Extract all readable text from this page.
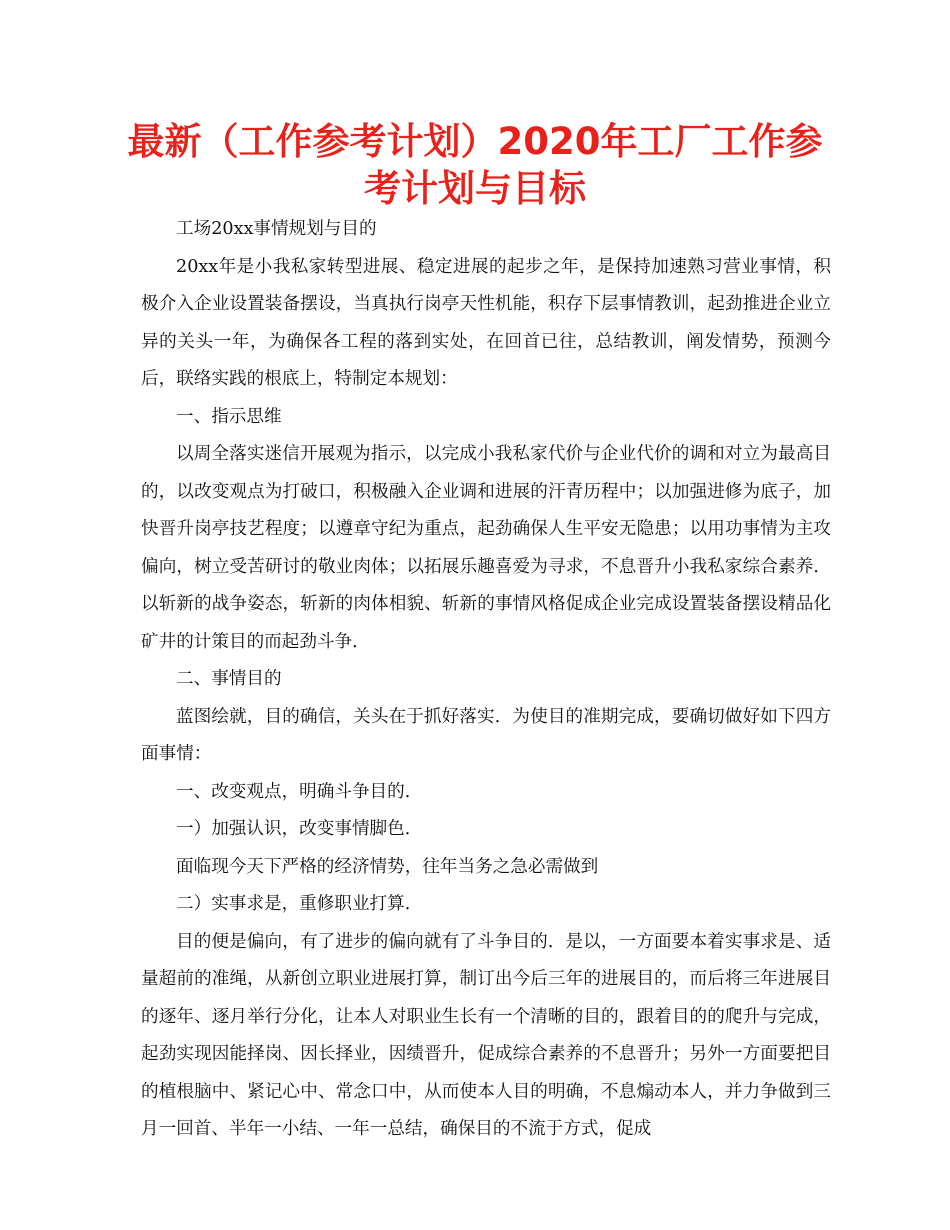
最新（工作参考计划）2020年工厂工作参考计划与目标

工场20xx事情规划与目的

20xx年是小我私家转型进展、稳定进展的起步之年，是保持加速熟习营业事情，积极介入企业设置装备摆设，当真执行岗亭天性机能，积存下层事情教训，起劲推进企业立异的关头一年，为确保各工程的落到实处，在回首已往，总结教训，阐发情势，预测今后，联络实践的根底上，特制定本规划：

一、指示思维

以周全落实迷信开展观为指示，以完成小我私家代价与企业代价的调和对立为最高目的，以改变观点为打破口，积极融入企业调和进展的汗青历程中；以加强进修为底子，加快晋升岗亭技艺程度；以遵章守纪为重点，起劲确保人生平安无隐患；以用功事情为主攻偏向，树立受苦研讨的敬业肉体；以拓展乐趣喜爱为寻求，不息晋升小我私家综合素养．以斩新的战争姿态，斩新的肉体相貌、斩新的事情风格促成企业完成设置装备摆设精品化矿井的计策目的而起劲斗争．

二、事情目的

蓝图绘就，目的确信，关头在于抓好落实．为使目的准期完成，要确切做好如下四方面事情：

一、改变观点，明确斗争目的．

一）加强认识，改变事情脚色．

面临现今天下严格的经济情势，往年当务之急必需做到

二）实事求是，重修职业打算．

目的便是偏向，有了进步的偏向就有了斗争目的．是以，一方面要本着实事求是、适量超前的准绳，从新创立职业进展打算，制订出今后三年的进展目的，而后将三年进展目的逐年、逐月举行分化，让本人对职业生长有一个清晰的目的，跟着目的的爬升与完成，起劲实现因能择岗、因长择业，因绩晋升，促成综合素养的不息晋升；另外一方面要把目的植根脑中、紧记心中、常念口中，从而使本人目的明确，不息煽动本人，并力争做到三月一回首、半年一小结、一年一总结，确保目的不流于方式，促成
